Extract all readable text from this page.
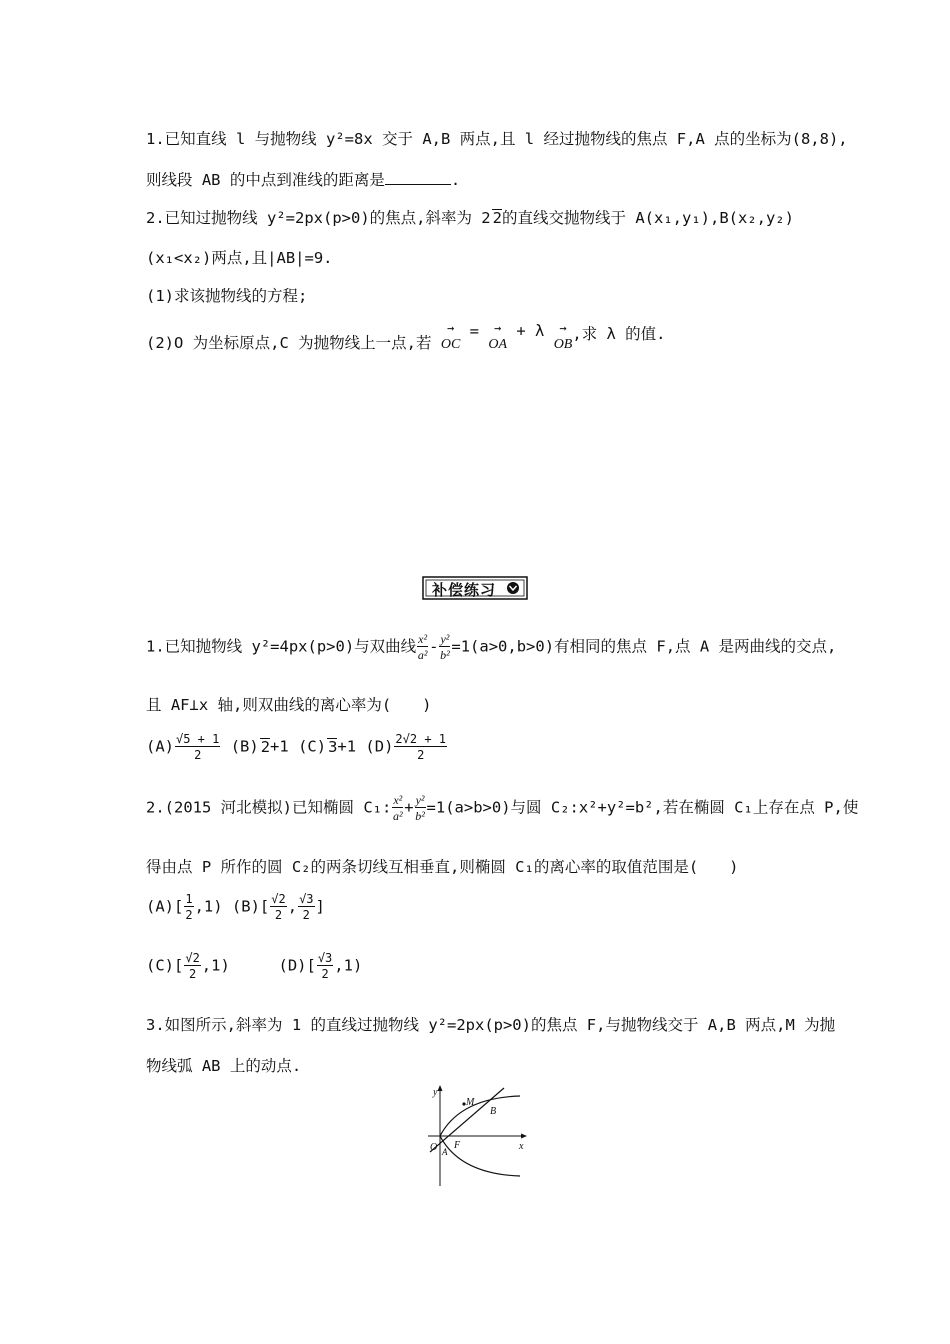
1.已知直线 l 与抛物线 y²=8x 交于 A,B 两点,且 l 经过抛物线的焦点 F,A 点的坐标为(8,8),
则线段 AB 的中点到准线的距离是	.
2.已知过抛物线 y²=2px(p>0)的焦点,斜率为 2 2的直线交抛物线于 A(x₁,y₁),B(x₂,y₂)
(x₁<x₂)两点,且|AB|=9.
(1)求该抛物线的方程;
(2)O 为坐标原点,C 为抛物线上一点,若
→
OC
=	→
OA
+ λ	→
OB
,求 λ 的值.
补偿练习
1.已知抛物线 y²=4px(p>0)与双曲线 $\frac{\text{x²}}{\text{a²}} - \frac{\text{y²}}{\text{b²}} =1(a>0,b>0)$有相同的焦点 F,点 A 是两曲线的交点,
且 AF⊥x 轴,则双曲线的离心率为(　　)
$(A) \frac{√5 + 1}{2} (B)$ 2+1 (C) 3+1 $(D) \frac{2√2 + 1}{2}$
2.(2015 河北模拟)已知椭圆 C₁: $\frac{\text{x²}}{\text{a²}} + \frac{\text{y²}}{\text{b²}} =1(a>b>0)$与圆 C₂:x²+y²=b²,若在椭圆 C₁上存在点 P,使
得由点 P 所作的圆 C₂的两条切线互相垂直,则椭圆 C₁的离心率的取值范围是(　　)
$(A)[ \frac{1}{2} ,1)$ $(B)[ \frac{√2}{2}$ , $\frac{√3}{2}$ ]
$(C)[ \frac{√2}{2} ,1)$	$(D)[ \frac{√3}{2} ,1)$
3.如图所示,斜率为 1 的直线过抛物线 y²=2px(p>0)的焦点 F,与抛物线交于 A,B 两点,M 为抛
物线弧 AB 上的动点.
y
x
O F
A
M
B
